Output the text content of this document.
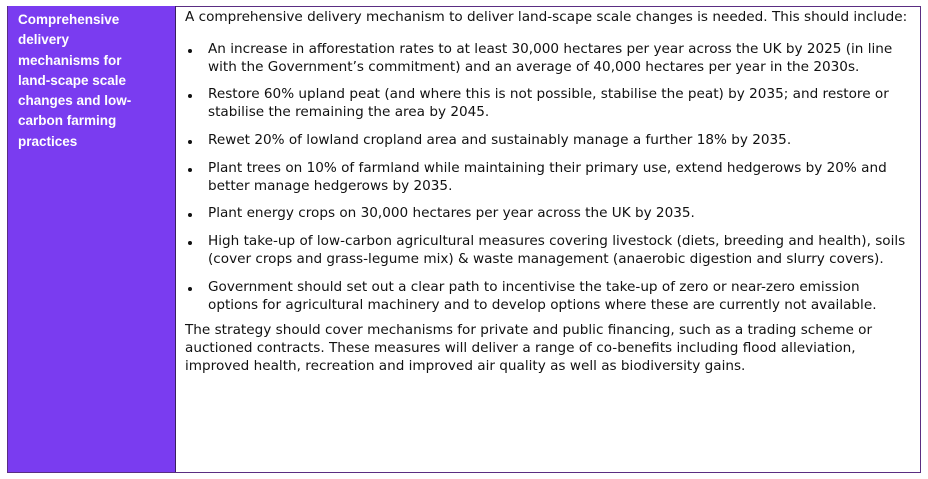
Comprehensive
delivery
mechanisms for
land-scape scale
changes and low-
carbon farming
practices

A comprehensive delivery mechanism to deliver land-scape scale changes is needed. This should include:

An increase in afforestation rates to at least 30,000 hectares per year across the UK by 2025 (in line with the Government’s commitment) and an average of 40,000 hectares per year in the 2030s.
Restore 60% upland peat (and where this is not possible, stabilise the peat) by 2035; and restore or stabilise the remaining the area by 2045.
Rewet 20% of lowland cropland area and sustainably manage a further 18% by 2035.
Plant trees on 10% of farmland while maintaining their primary use, extend hedgerows by 20% and better manage hedgerows by 2035.
Plant energy crops on 30,000 hectares per year across the UK by 2035.
High take-up of low-carbon agricultural measures covering livestock (diets, breeding and health), soils (cover crops and grass-legume mix) & waste management (anaerobic digestion and slurry covers).
Government should set out a clear path to incentivise the take-up of zero or near-zero emission options for agricultural machinery and to develop options where these are currently not available.

The strategy should cover mechanisms for private and public financing, such as a trading scheme or auctioned contracts. These measures will deliver a range of co-benefits including flood alleviation, improved health, recreation and improved air quality as well as biodiversity gains.
